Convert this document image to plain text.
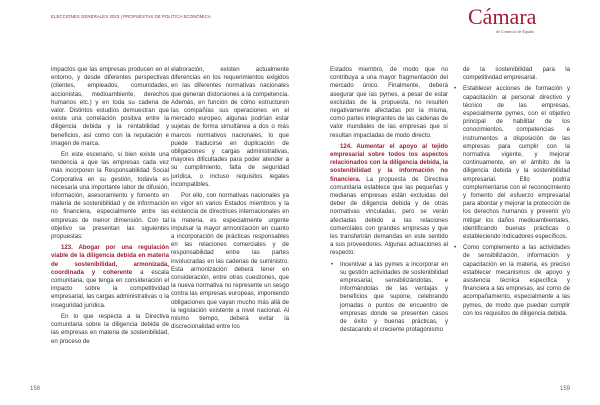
ELECCIONES GENERALES 2023 | PROPUESTAS DE POLÍTICA ECONÓMICA	Cámara
de Comercio de España

impactos que las empresas producen en el entorno, y desde diferentes perspectivas (clientes, empleados, comunidades, accionistas, medioambiente, derechos humanos etc.) y en toda su cadena de valor. Distintos estudios demuestran que existe una correlación positiva entre la diligencia debida y la rentabilidad y beneficios, así como con la reputación e imagen de marca.

En este escenario, si bien existe una tendencia a que las empresas cada vez más incorporen la Responsabilidad Social Corporativa en su gestión, todavía es necesaria una importante labor de difusión, información, asesoramiento y fomento en materia de sostenibilidad y de información no financiera, especialmente entre las empresas de menor dimensión. Con tal objetivo se presentan las siguientes propuestas:

123. Abogar por una regulación viable de la diligencia debida en materia de sostenibilidad, armonizada, coordinada y coherente a escala comunitaria, que tenga en consideración el impacto sobre la competitividad empresarial, las cargas administrativas o la inseguridad jurídica.

En lo que respecta a la Directiva comunitaria sobre la diligencia debida de las empresas en materia de sostenibilidad, en proceso de

elaboración, existen actualmente diferencias en los requerimientos exigidos en las diferentes normativas nacionales que generan distorsiones a la competencia. Además, en función de cómo estructuren las compañías sus operaciones en el mercado europeo, algunas podrían estar sujetas de forma simultánea a dos o más marcos normativos nacionales, lo que puede traducirse en duplicación de obligaciones y cargas administrativas, mayores dificultades para poder atender a su cumplimiento, falta de seguridad jurídica, o incluso requisitos legales incompatibles.

Por ello, con normativas nacionales ya en vigor en varios Estados miembros y la existencia de directrices internacionales en la materia, es especialmente urgente impulsar la mayor armonización en cuanto a incorporación de prácticas responsables en las relaciones comerciales y de responsabilidad entre las partes involucradas en las cadenas de suministro. Esta armonización deberá tener en consideración, entre otras cuestiones, que la nueva normativa no represente un sesgo contra las empresas europeas, imponiendo obligaciones que vayan mucho más allá de la legislación existente a nivel nacional. Al mismo tiempo, deberá evitar la discrecionalidad entre los

Estados miembro, de modo que no contribuya a una mayor fragmentación del mercado único. Finalmente, deberá asegurar que las pymes, a pesar de estar excluidas de la propuesta, no resulten negativamente afectadas por la misma, como partes integrantes de las cadenas de valor mundiales de las empresas que sí resultan impactadas de modo directo.

124. Aumentar el apoyo al tejido empresarial sobre todos los aspectos relacionados con la diligencia debida, la sostenibilidad y la información no financiera. La propuesta de Directiva comunitaria establece que las pequeñas y medianas empresas están excluidas del deber de diligencia debida y de otras normativas vinculadas, pero se verán afectadas debido a las relaciones comerciales con grandes empresas y que les transferirán demandas en este sentido a sus proveedores. Algunas actuaciones al respecto:

• Incentivar a las pymes a incorporar en su gestión actividades de sostenibilidad empresarial, sensibilizándolas, e informándolas de las ventajas y beneficios que supone, celebrando jornadas o puntos de encuentro de empresas donde se presenten casos de éxito y buenas prácticas, y destacando el creciente protagonismo

de la sostenibilidad para la competitividad empresarial.

• Establecer acciones de formación y capacitación al personal directivo y técnico de las empresas, especialmente pymes, con el objetivo principal de habilitar de los conocimientos, competencias e instrumentos a disposición de las empresas para cumplir con la normativa vigente, y mejorar continuamente, en el ámbito de la diligencia debida y la sostenibilidad empresarial. Ello podría complementarse con el reconocimiento y fomento del esfuerzo empresarial para abordar y mejorar la protección de los derechos humanos y prevenir y/o mitigar los daños medioambientales, identificando buenas prácticas o estableciendo indicadores específicos.
• Como complemento a las actividades de sensibilización, información y capacitación en la materia, es preciso establecer mecanismos de apoyo y asistencia técnica específica y financiera a las empresas, así como de acompañamiento, especialmente a las pymes, de modo que puedan cumplir con los requisitos de diligencia debida.
158	159
